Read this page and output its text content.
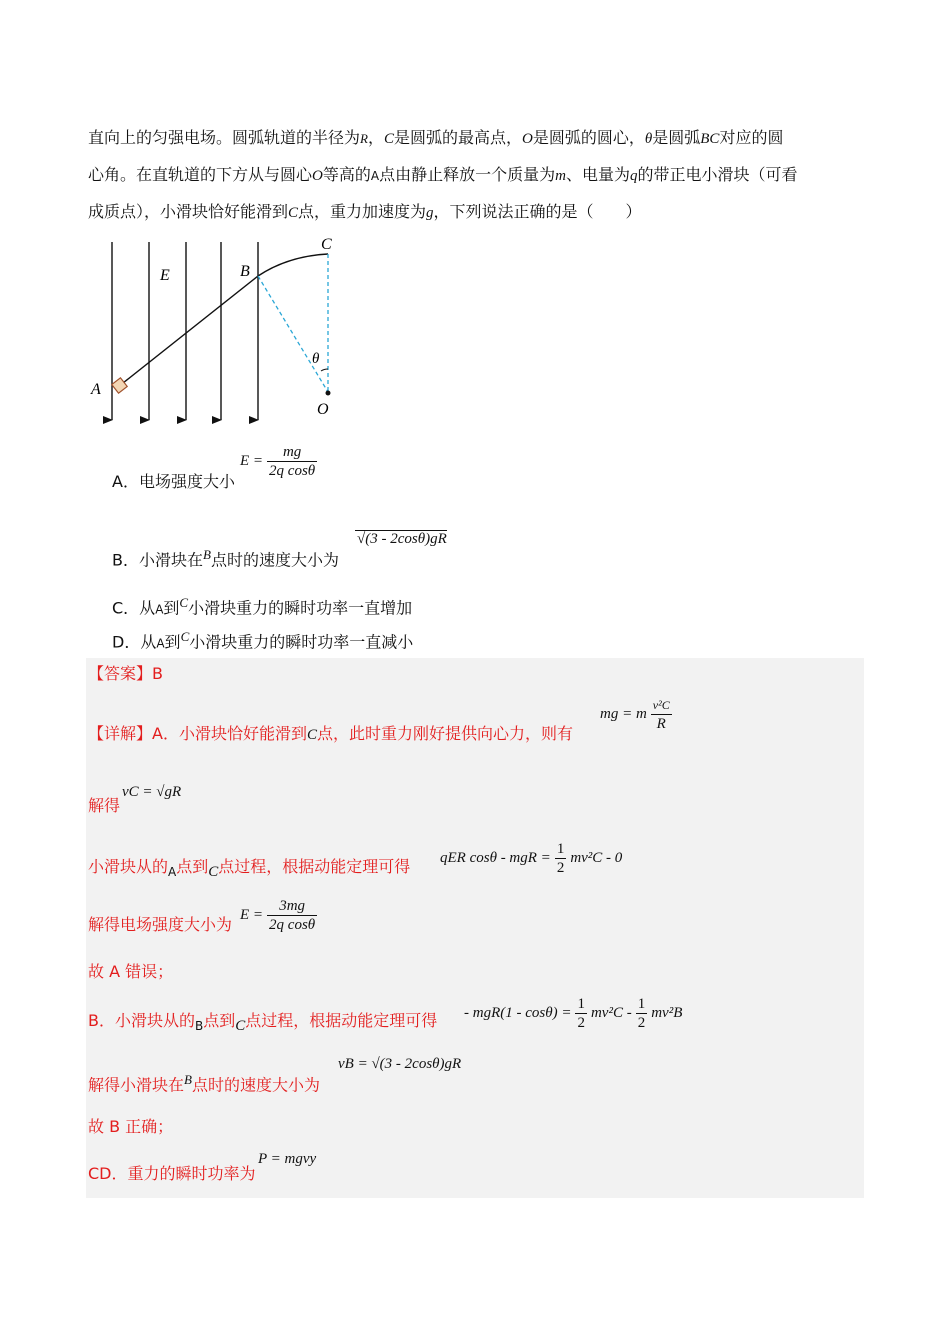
直向上的匀强电场。圆弧轨道的半径为R，C是圆弧的最高点，O是圆弧的圆心，θ是圆弧BC对应的圆
心角。在直轨道的下方从与圆心O等高的A点由静止释放一个质量为m、电量为q的带正电小滑块（可看
成质点），小滑块恰好能滑到C点，重力加速度为g，下列说法正确的是（　　）
E	B
C
A
O
θ
A．电场强度大小
$E = \frac{mg}{\text{2q cosθ}}$
B．小滑块在$^B$点时的速度大小为
√(3 - 2cosθ)gR
C．从A到$^C$小滑块重力的瞬时功率一直增加
D．从A到$^C$小滑块重力的瞬时功率一直减小
【答案】B
【详解】A．小滑块恰好能滑到C点，此时重力刚好提供向心力，则有
mg = m $\frac{\text{v²C}}{R}$
解得
vC = √gR
小滑块从的$_A$点到$_C$点过程，根据动能定理可得 qER cosθ - mgR = $\frac{1}{2} mv^2C - 0$
解得电场强度大小为 $E = \frac{3mg}{\text{2q cosθ}}$
故 A 错误；
B．小滑块从的$_B$点到$_C$点过程，根据动能定理可得 - $mgR(1 - \cos\theta) = \frac{1}{2} mv^2C - \frac{1}{2} mv^2B$
解得小滑块在$^B$点时的速度大小为
vB = √(3 - 2cosθ)gR
故 B 正确；
CD．重力的瞬时功率为
P = mgvy
